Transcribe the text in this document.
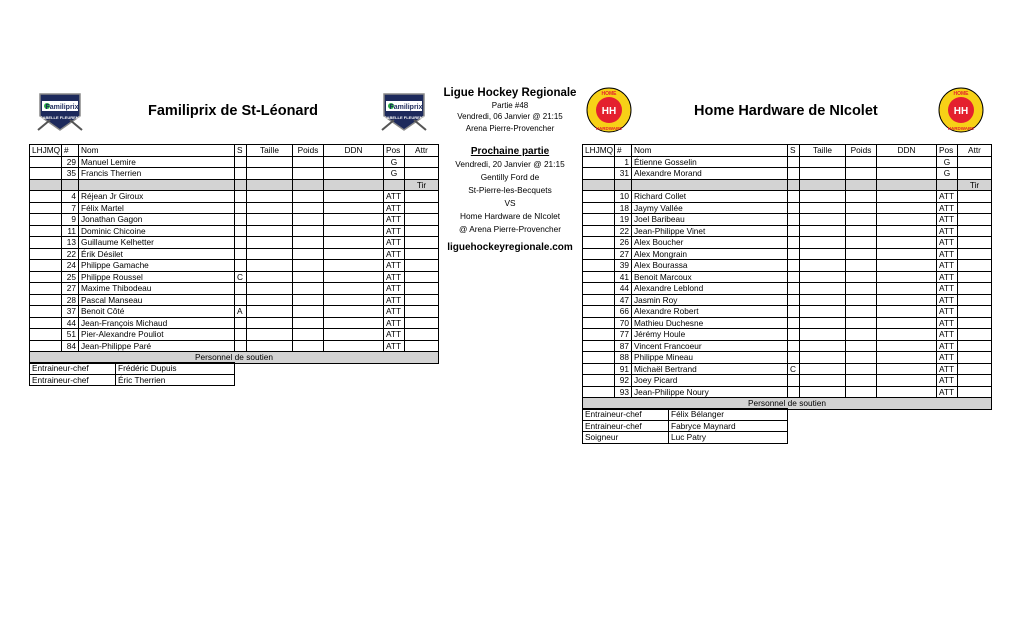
Familiprix
ISABELLE FLEURENT	Familiprix de St-Léonard	Familiprix
ISABELLE FLEURENT
Ligue Hockey Regionale
Partie #48
Vendredi, 06 Janvier @ 21:15
Arena Pierre-Provencher
HH
HOME
HARDWARE
Home Hardware de NIcolet	HH
HOME
HARDWARE
LHJMQ	#	Nom	S	Taille	Poids	DDN	Pos	Attr
	29	Manuel Lemire					G	
	35	Francis Therrien					G	
								Tir
	4	Réjean Jr Giroux					ATT	
	7	Félix Martel					ATT	
	9	Jonathan Gagon					ATT	
	11	Dominic Chicoine					ATT	
	13	Guillaume Kelhetter					ATT	
	22	Érik Désilet					ATT	
	24	Philippe Gamache					ATT	
	25	Philippe Roussel	C				ATT	
	27	Maxime Thibodeau					ATT	
	28	Pascal Manseau					ATT	
	37	Benoit Côté	A				ATT	
	44	Jean-François Michaud					ATT	
	51	Pier-Alexandre Pouliot					ATT	
	84	Jean-Philippe Paré					ATT	
Personnel de soutien								
Entraineur-chef	Frédéric Dupuis
Entraineur-chef	Éric Therrien
Prochaine partie
Vendredi, 20 Janvier @ 21:15
Gentilly Ford de
St-Pierre-les-Becquets
VS
Home Hardware de NIcolet
@ Arena Pierre-Provencher
liguehockeyregionale.com
LHJMQ	#	Nom	S	Taille	Poids	DDN	Pos	Attr
	1	Étienne Gosselin					G	
	31	Alexandre Morand					G	
								Tir
	10	Richard Collet					ATT	
	18	Jaymy Vallée					ATT	
	19	Joel Baribeau					ATT	
	22	Jean-Philippe Vinet					ATT	
	26	Alex Boucher					ATT	
	27	Alex Mongrain					ATT	
	39	Alex Bourassa					ATT	
	41	Benoit Marcoux					ATT	
	44	Alexandre Leblond					ATT	
	47	Jasmin Roy					ATT	
	66	Alexandre Robert					ATT	
	70	Mathieu Duchesne					ATT	
	77	Jérémy Houle					ATT	
	87	Vincent Francoeur					ATT	
	88	Philippe Mineau					ATT	
	91	Michaël Bertrand	C				ATT	
	92	Joey Picard					ATT	
	93	Jean-Philippe Noury					ATT	
Personnel de soutien								
Entraineur-chef	Félix Bélanger
Entraineur-chef	Fabryce Maynard
Soigneur	Luc Patry
